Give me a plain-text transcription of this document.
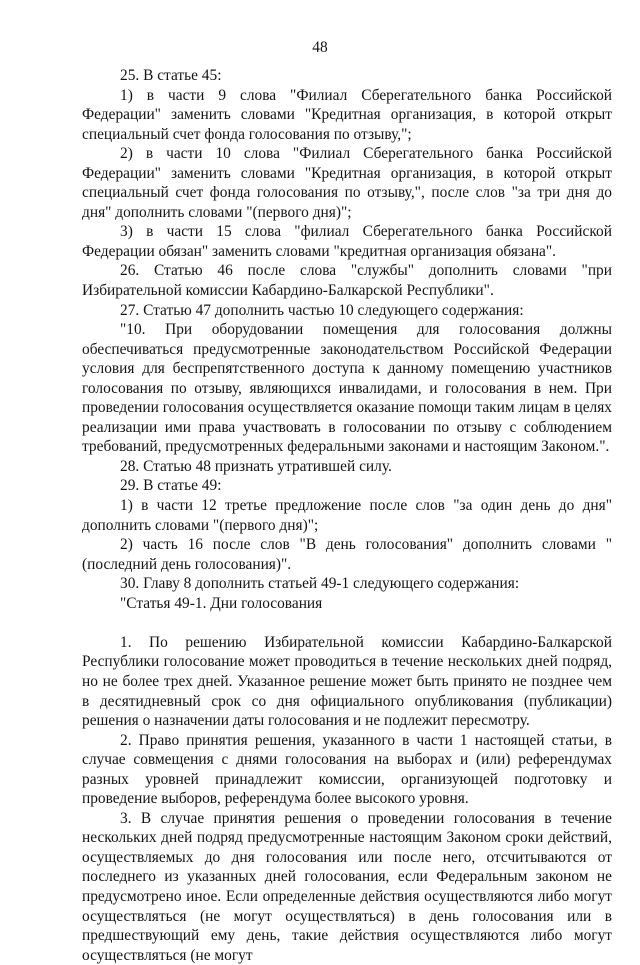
48

25. В статье 45:

1) в части 9 слова "Филиал Сберегательного банка Российской Федерации" заменить словами "Кредитная организация, в которой открыт специальный счет фонда голосования по отзыву,";

2) в части 10 слова "Филиал Сберегательного банка Российской Федерации" заменить словами "Кредитная организация, в которой открыт специальный счет фонда голосования по отзыву,", после слов "за три дня до дня" дополнить словами "(первого дня)";

3) в части 15 слова "филиал Сберегательного банка Российской Федерации обязан" заменить словами "кредитная организация обязана".

26. Статью 46 после слова "службы" дополнить словами "при Избирательной комиссии Кабардино-Балкарской Республики".

27. Статью 47 дополнить частью 10 следующего содержания:

"10. При оборудовании помещения для голосования должны обеспечиваться предусмотренные законодательством Российской Федерации условия для беспрепятственного доступа к данному помещению участников голосования по отзыву, являющихся инвалидами, и голосования в нем. При проведении голосования осуществляется оказание помощи таким лицам в целях реализации ими права участвовать в голосовании по отзыву с соблюдением требований, предусмотренных федеральными законами и настоящим Законом.".

28. Статью 48 признать утратившей силу.

29. В статье 49:

1) в части 12 третье предложение после слов "за один день до дня" дополнить словами "(первого дня)";

2) часть 16 после слов "В день голосования" дополнить словами "(последний день голосования)".

30. Главу 8 дополнить статьей 49-1 следующего содержания:

"Статья 49-1. Дни голосования

1. По решению Избирательной комиссии Кабардино-Балкарской Республики голосование может проводиться в течение нескольких дней подряд, но не более трех дней. Указанное решение может быть принято не позднее чем в десятидневный срок со дня официального опубликования (публикации) решения о назначении даты голосования и не подлежит пересмотру.

2. Право принятия решения, указанного в части 1 настоящей статьи, в случае совмещения с днями голосования на выборах и (или) референдумах разных уровней принадлежит комиссии, организующей подготовку и проведение выборов, референдума более высокого уровня.

3. В случае принятия решения о проведении голосования в течение нескольких дней подряд предусмотренные настоящим Законом сроки действий, осуществляемых до дня голосования или после него, отсчитываются от последнего из указанных дней голосования, если Федеральным законом не предусмотрено иное. Если определенные действия осуществляются либо могут осуществляться (не могут осуществляться) в день голосования или в предшествующий ему день, такие действия осуществляются либо могут осуществляться (не могут
